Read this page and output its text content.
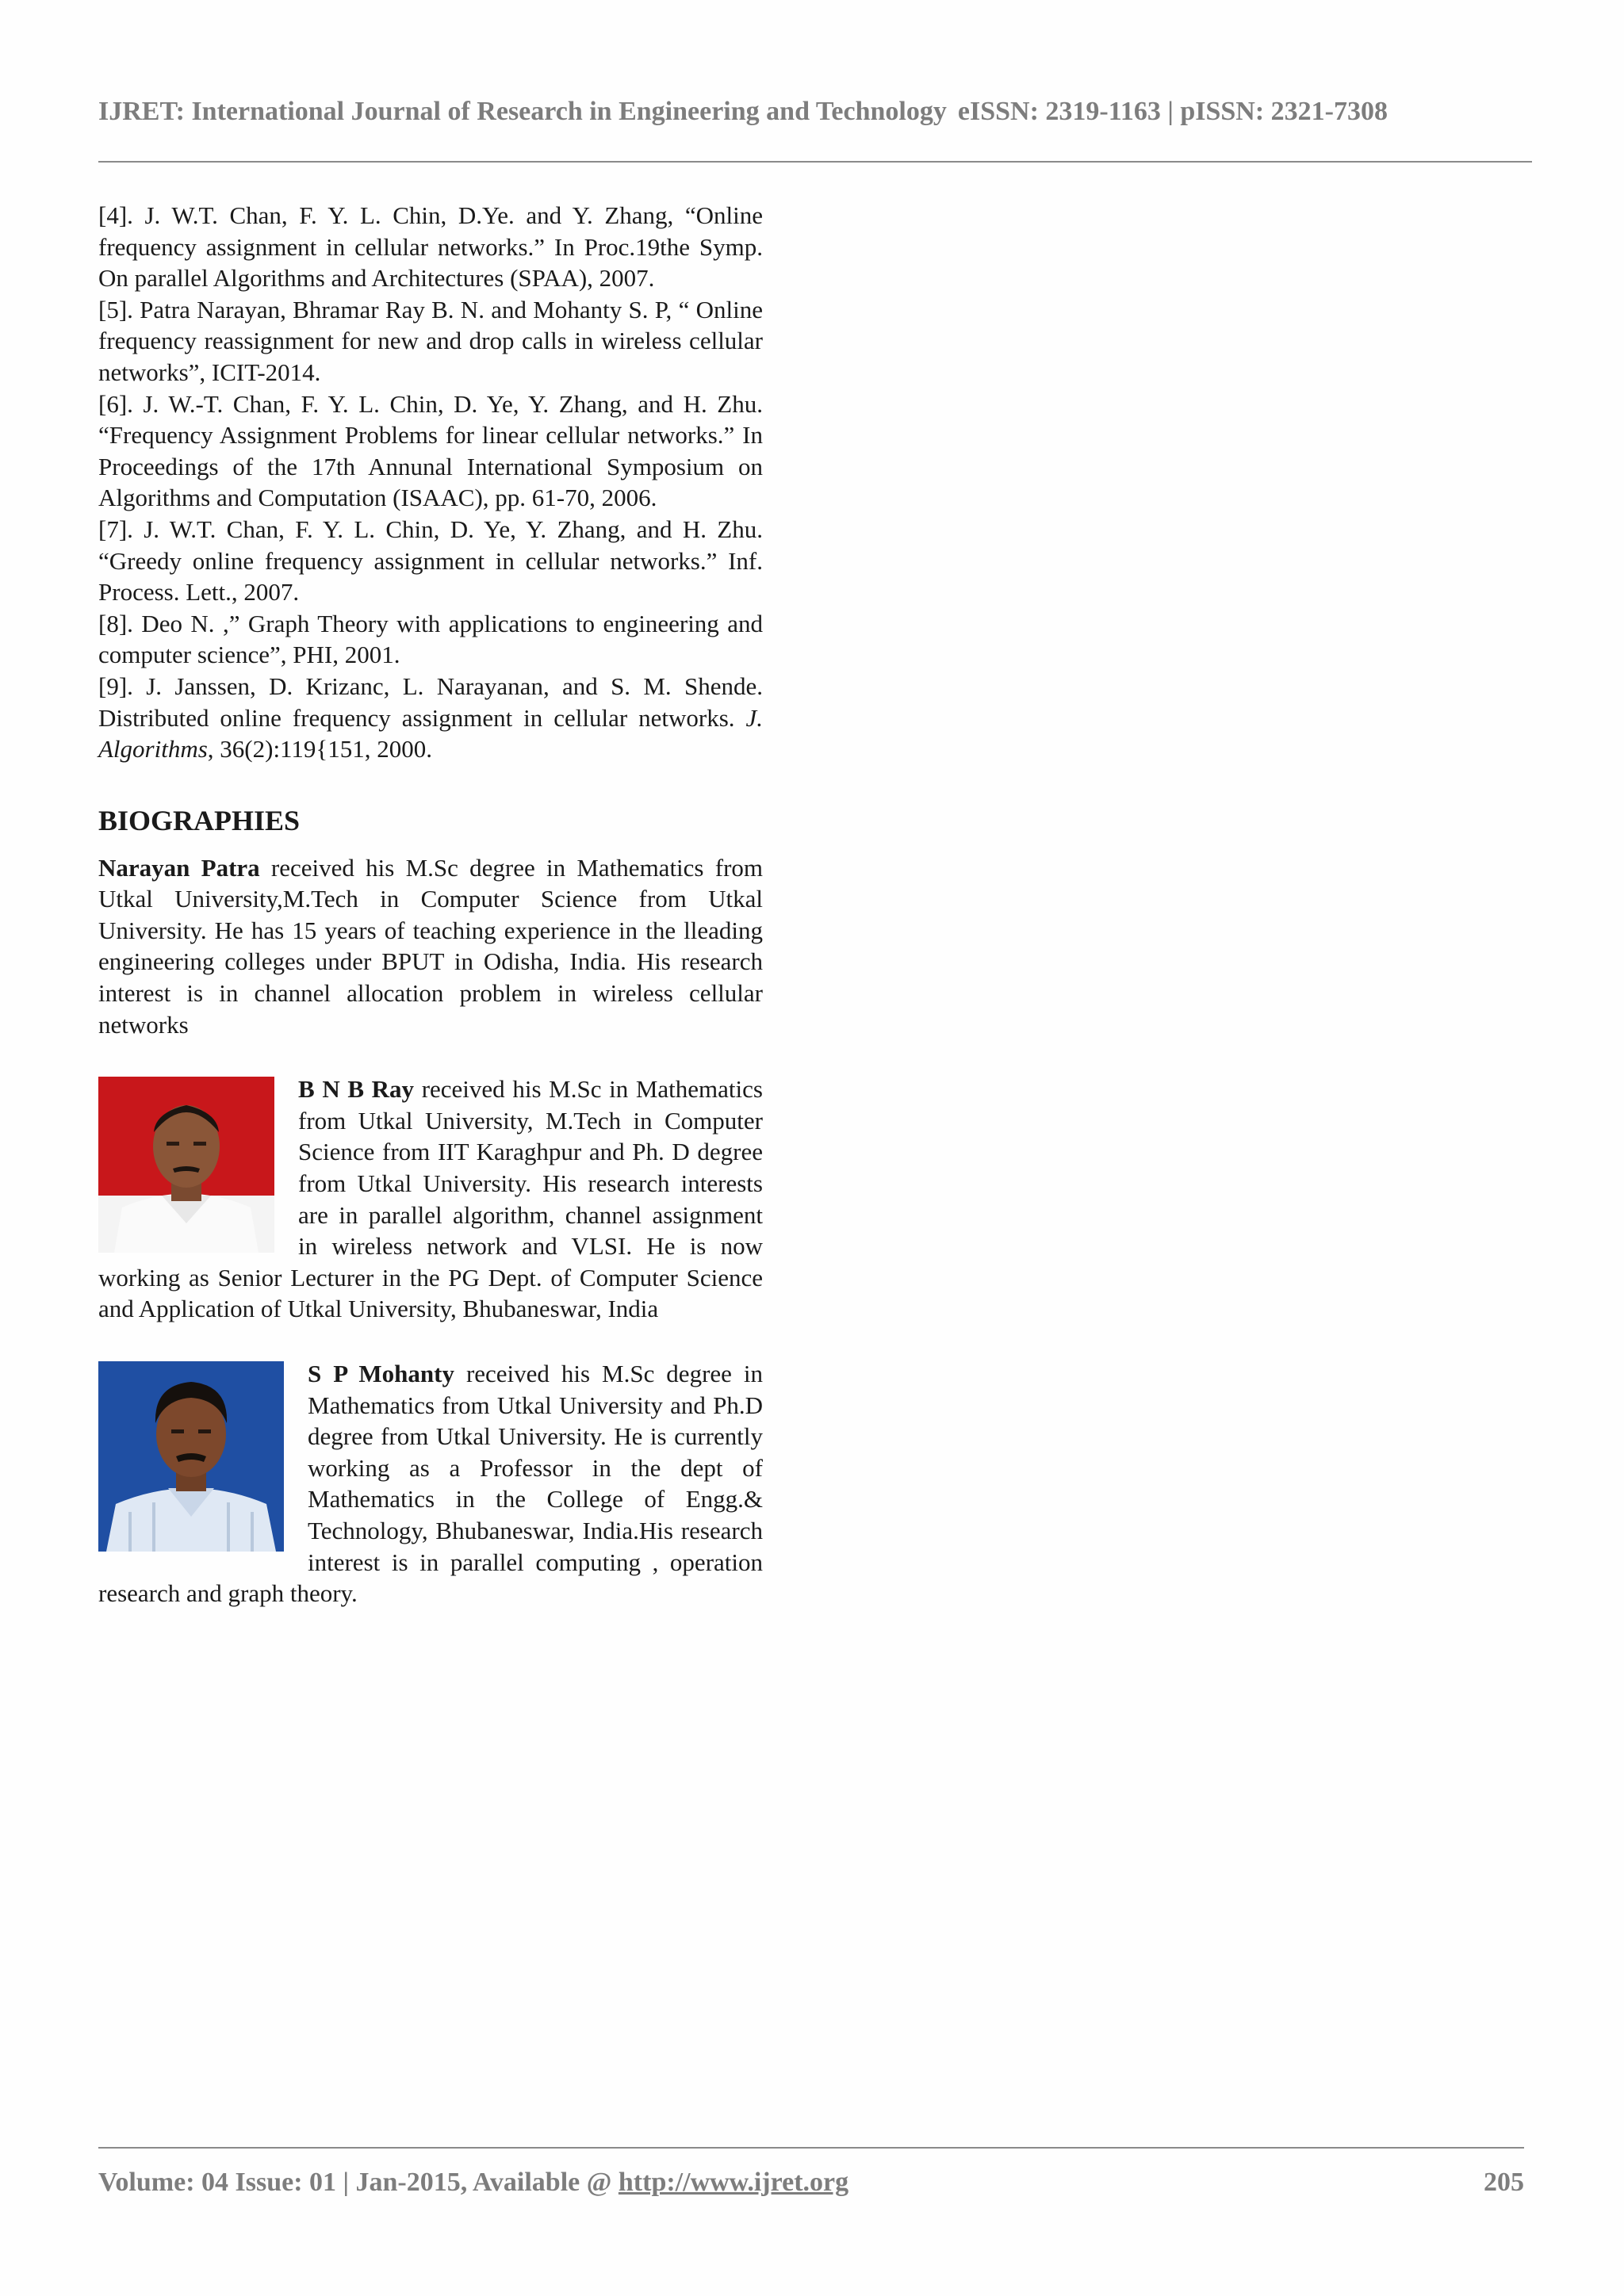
IJRET: International Journal of Research in Engineering and Technology eISSN: 2319-1163 | pISSN: 2321-7308

[4]. J. W.T. Chan, F. Y. L. Chin, D.Ye. and Y. Zhang, “Online frequency assignment in cellular networks.” In Proc.19the Symp. On parallel Algorithms and Architectures (SPAA), 2007.

[5]. Patra Narayan, Bhramar Ray B. N. and Mohanty S. P, “ Online frequency reassignment for new and drop calls in wireless cellular networks”, ICIT-2014.

[6]. J. W.-T. Chan, F. Y. L. Chin, D. Ye, Y. Zhang, and H. Zhu. “Frequency Assignment Problems for linear cellular networks.” In Proceedings of the 17th Annunal International Symposium on Algorithms and Computation (ISAAC), pp. 61-70, 2006.

[7]. J. W.T. Chan, F. Y. L. Chin, D. Ye, Y. Zhang, and H. Zhu. “Greedy online frequency assignment in cellular networks.” Inf. Process. Lett., 2007.

[8]. Deo N. ,” Graph Theory with applications to engineering and computer science”, PHI, 2001.

[9]. J. Janssen, D. Krizanc, L. Narayanan, and S. M. Shende. Distributed online frequency assignment in cellular networks. J. Algorithms, 36(2):119{151, 2000.

BIOGRAPHIES

Narayan Patra received his M.Sc degree in Mathematics from Utkal University,M.Tech in Computer Science from Utkal University. He has 15 years of teaching experience in the lleading engineering colleges under BPUT in Odisha, India. His research interest is in channel allocation problem in wireless cellular networks

B N B Ray received his M.Sc in Mathematics from Utkal University, M.Tech in Computer Science from IIT Karaghpur and Ph. D degree from Utkal University. His research interests are in parallel algorithm, channel assignment in wireless network and VLSI. He is now working as Senior Lecturer in the PG Dept. of Computer Science and Application of Utkal University, Bhubaneswar, India

S P Mohanty received his M.Sc degree in Mathematics from Utkal University and Ph.D degree from Utkal University. He is currently working as a Professor in the dept of Mathematics in the College of Engg.& Technology, Bhubaneswar, India.His research interest is in parallel computing , operation research and graph theory.

Volume: 04 Issue: 01 | Jan-2015, Available @ http://www.ijret.org	205
